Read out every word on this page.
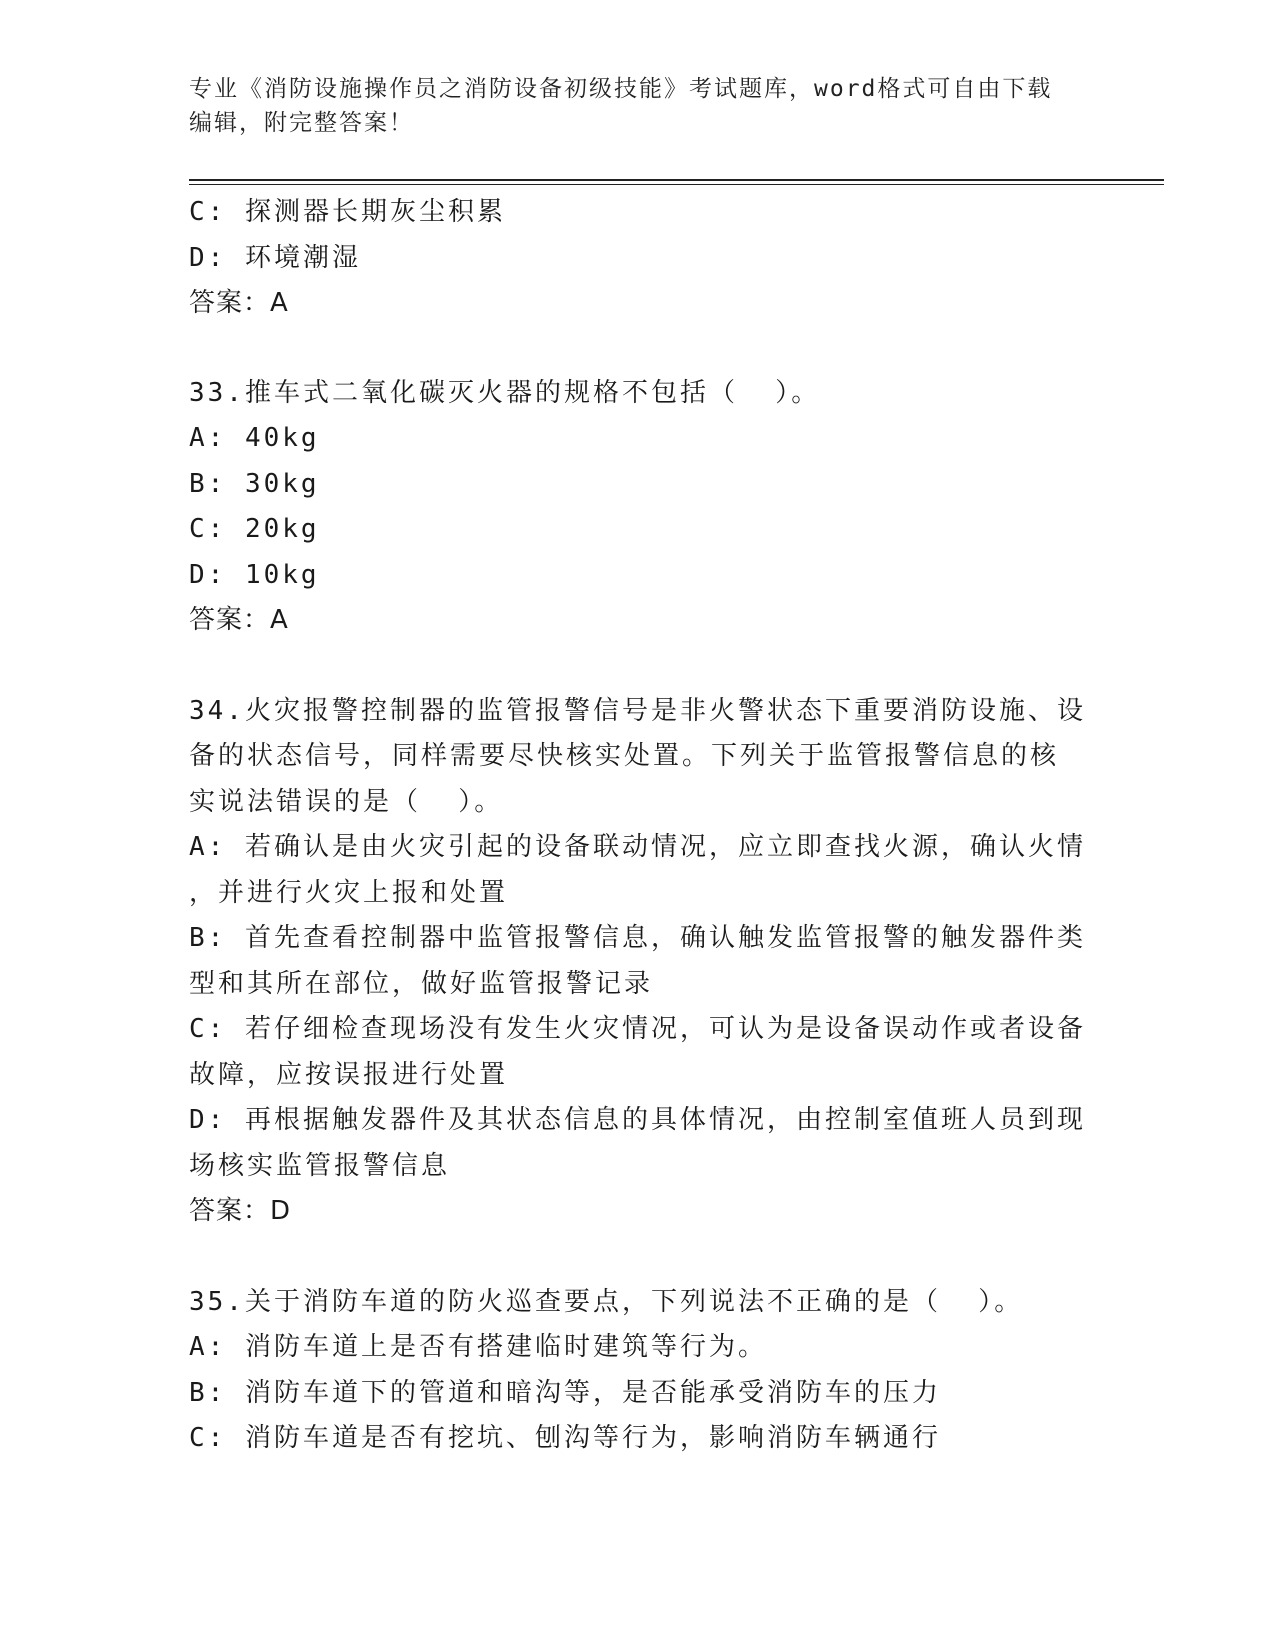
专业《消防设施操作员之消防设备初级技能》考试题库，word格式可自由下载编辑，附完整答案！

C: 探测器长期灰尘积累

D: 环境潮湿

答案：A

33.推车式二氧化碳灭火器的规格不包括（  ）。

A: 40kg

B: 30kg

C: 20kg

D: 10kg

答案：A

34.火灾报警控制器的监管报警信号是非火警状态下重要消防设施、设

备的状态信号，同样需要尽快核实处置。下列关于监管报警信息的核

实说法错误的是（  ）。

A: 若确认是由火灾引起的设备联动情况，应立即查找火源，确认火情

，并进行火灾上报和处置

B: 首先查看控制器中监管报警信息，确认触发监管报警的触发器件类

型和其所在部位，做好监管报警记录

C: 若仔细检查现场没有发生火灾情况，可认为是设备误动作或者设备

故障，应按误报进行处置

D: 再根据触发器件及其状态信息的具体情况，由控制室值班人员到现

场核实监管报警信息

答案：D

35.关于消防车道的防火巡查要点，下列说法不正确的是（  ）。

A: 消防车道上是否有搭建临时建筑等行为。

B: 消防车道下的管道和暗沟等，是否能承受消防车的压力

C: 消防车道是否有挖坑、刨沟等行为，影响消防车辆通行
